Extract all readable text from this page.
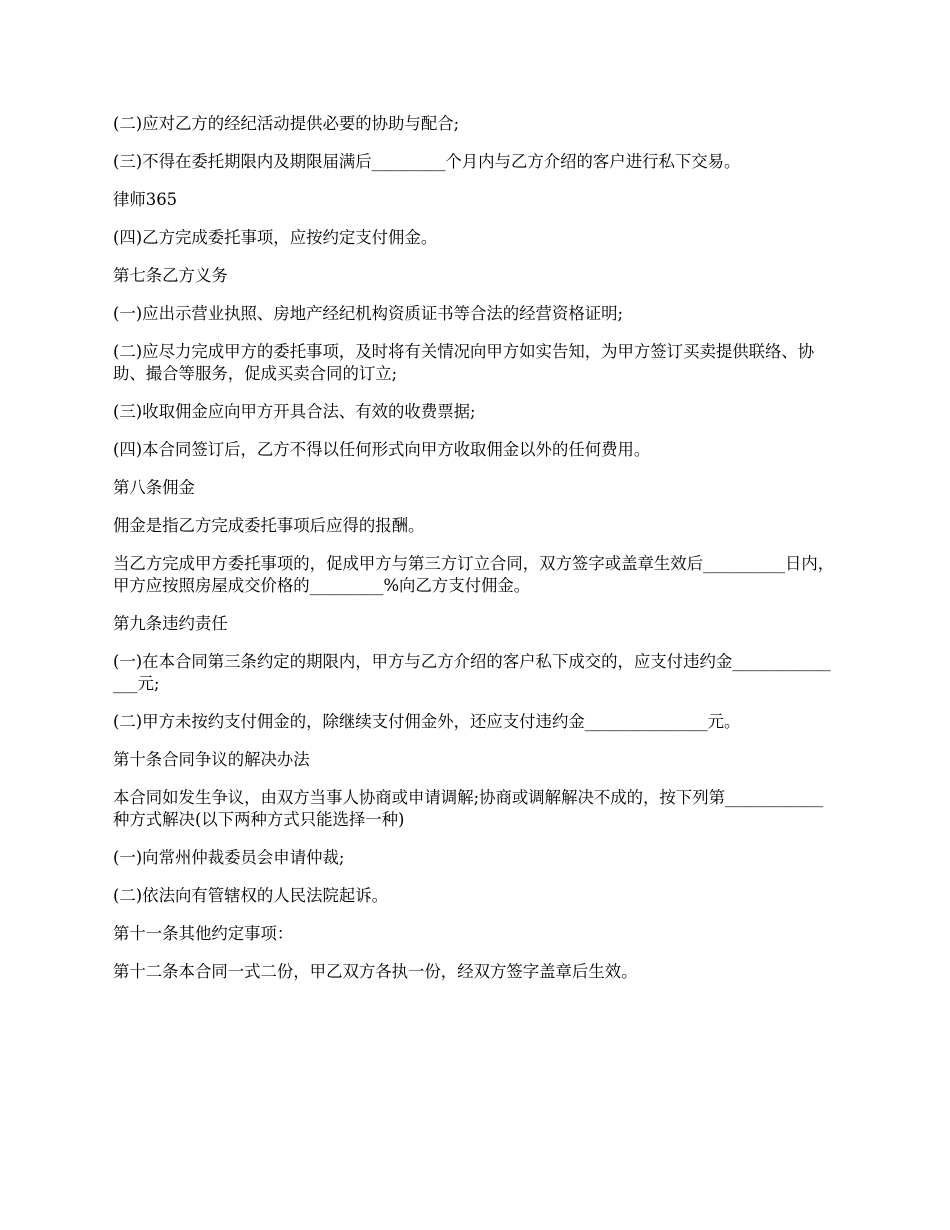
(二)应对乙方的经纪活动提供必要的协助与配合;

(三)不得在委托期限内及期限届满后_________个月内与乙方介绍的客户进行私下交易。

律师365

(四)乙方完成委托事项，应按约定支付佣金。

第七条乙方义务

(一)应出示营业执照、房地产经纪机构资质证书等合法的经营资格证明;

(二)应尽力完成甲方的委托事项，及时将有关情况向甲方如实告知，为甲方签订买卖提供联络、协助、撮合等服务，促成买卖合同的订立;

(三)收取佣金应向甲方开具合法、有效的收费票据;

(四)本合同签订后，乙方不得以任何形式向甲方收取佣金以外的任何费用。

第八条佣金

佣金是指乙方完成委托事项后应得的报酬。

当乙方完成甲方委托事项的，促成甲方与第三方订立合同，双方签字或盖章生效后__________日内，甲方应按照房屋成交价格的_________%向乙方支付佣金。

第九条违约责任

(一)在本合同第三条约定的期限内，甲方与乙方介绍的客户私下成交的，应支付违约金_______________元;

(二)甲方未按约支付佣金的，除继续支付佣金外，还应支付违约金_______________元。

第十条合同争议的解决办法

本合同如发生争议，由双方当事人协商或申请调解;协商或调解解决不成的，按下列第____________种方式解决(以下两种方式只能选择一种)

(一)向常州仲裁委员会申请仲裁;

(二)依法向有管辖权的人民法院起诉。

第十一条其他约定事项：

第十二条本合同一式二份，甲乙双方各执一份，经双方签字盖章后生效。
